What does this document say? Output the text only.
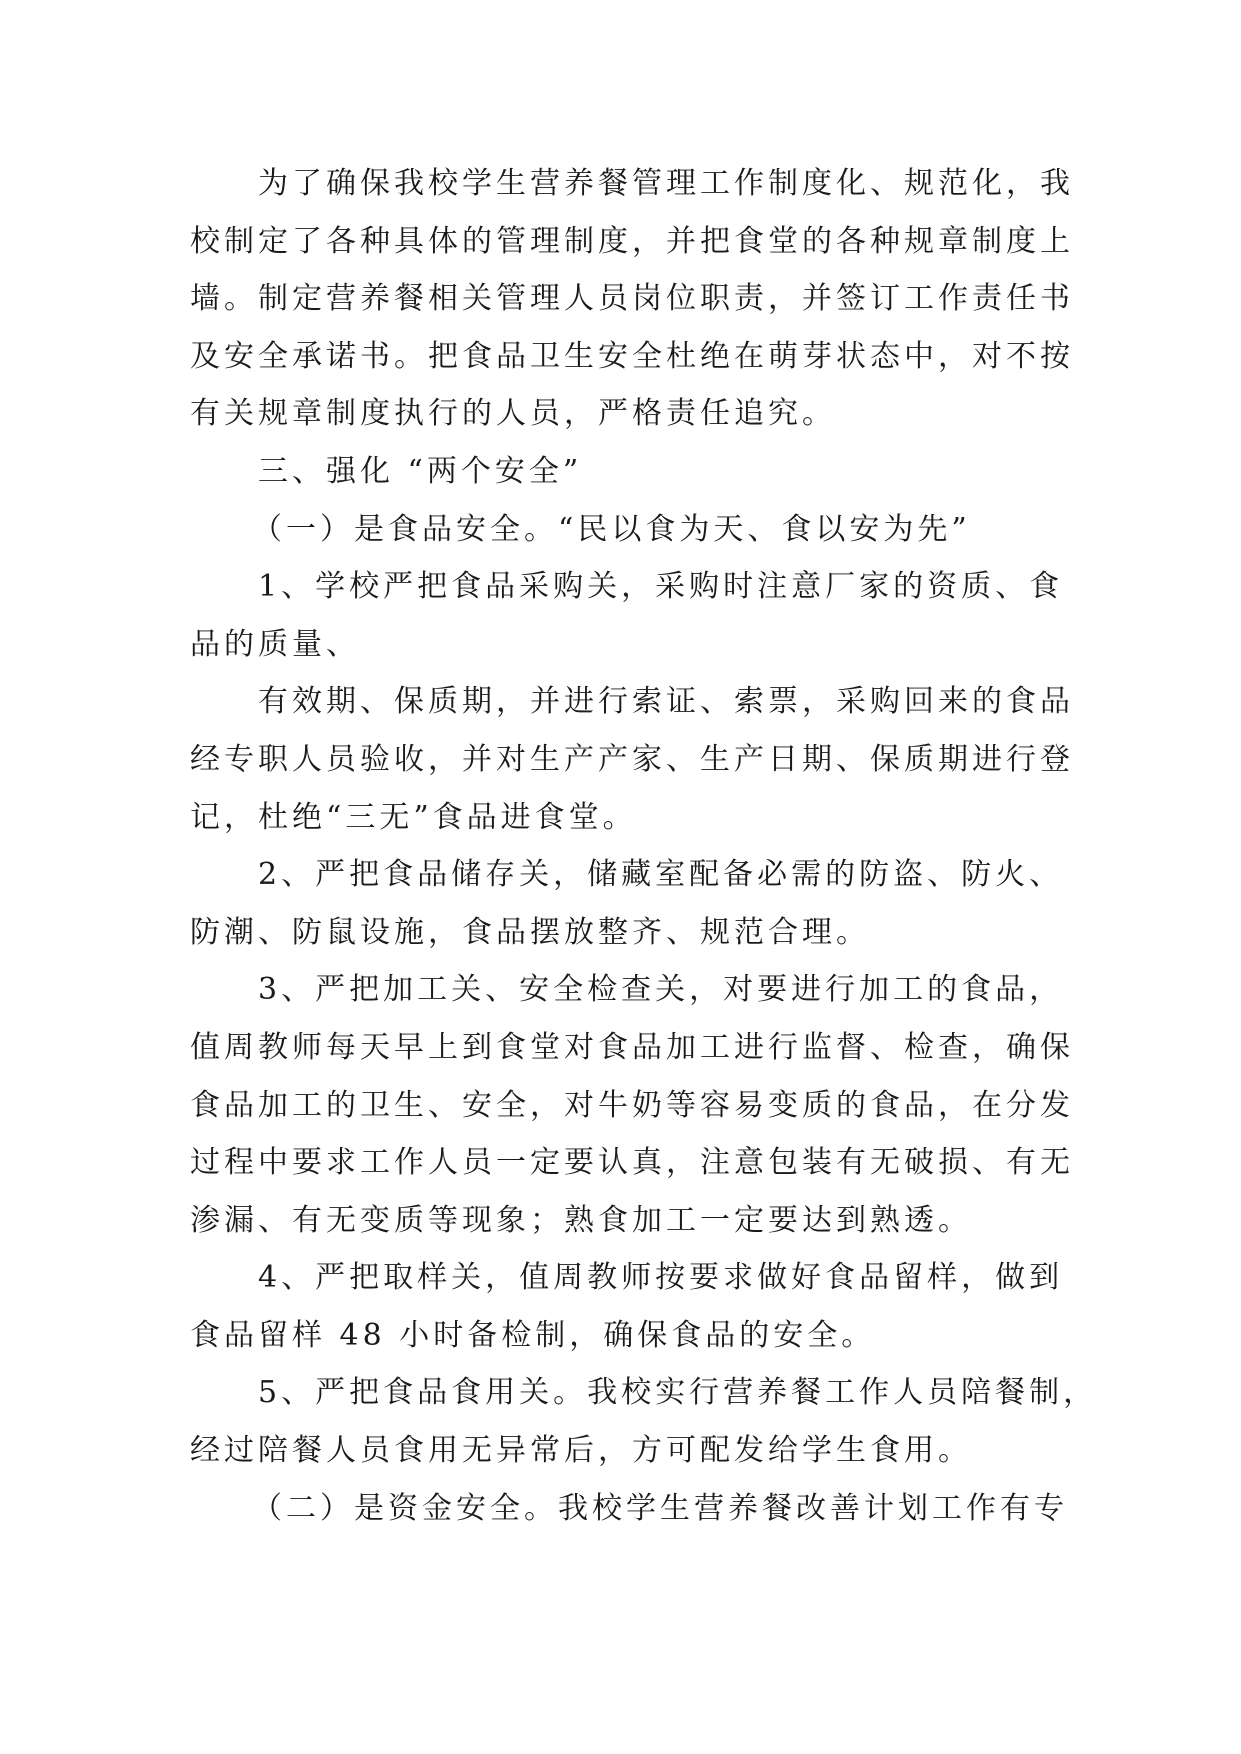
为了确保我校学生营养餐管理工作制度化、规范化，我
校制定了各种具体的管理制度，并把食堂的各种规章制度上
墙。制定营养餐相关管理人员岗位职责，并签订工作责任书
及安全承诺书。把食品卫生安全杜绝在萌芽状态中，对不按
有关规章制度执行的人员，严格责任追究。
三、强化 “两个安全”
（一）是食品安全。“民以食为天、食以安为先”
1、学校严把食品采购关，采购时注意厂家的资质、食
品的质量、
有效期、保质期，并进行索证、索票，采购回来的食品
经专职人员验收，并对生产产家、生产日期、保质期进行登
记，杜绝“三无”食品进食堂。
2、严把食品储存关，储藏室配备必需的防盗、防火、
防潮、防鼠设施，食品摆放整齐、规范合理。
3、严把加工关、安全检查关，对要进行加工的食品，
值周教师每天早上到食堂对食品加工进行监督、检查，确保
食品加工的卫生、安全，对牛奶等容易变质的食品，在分发
过程中要求工作人员一定要认真，注意包装有无破损、有无
渗漏、有无变质等现象；熟食加工一定要达到熟透。
4、严把取样关，值周教师按要求做好食品留样，做到
食品留样 48 小时备检制，确保食品的安全。
5、严把食品食用关。我校实行营养餐工作人员陪餐制，
经过陪餐人员食用无异常后，方可配发给学生食用。
（二）是资金安全。我校学生营养餐改善计划工作有专
